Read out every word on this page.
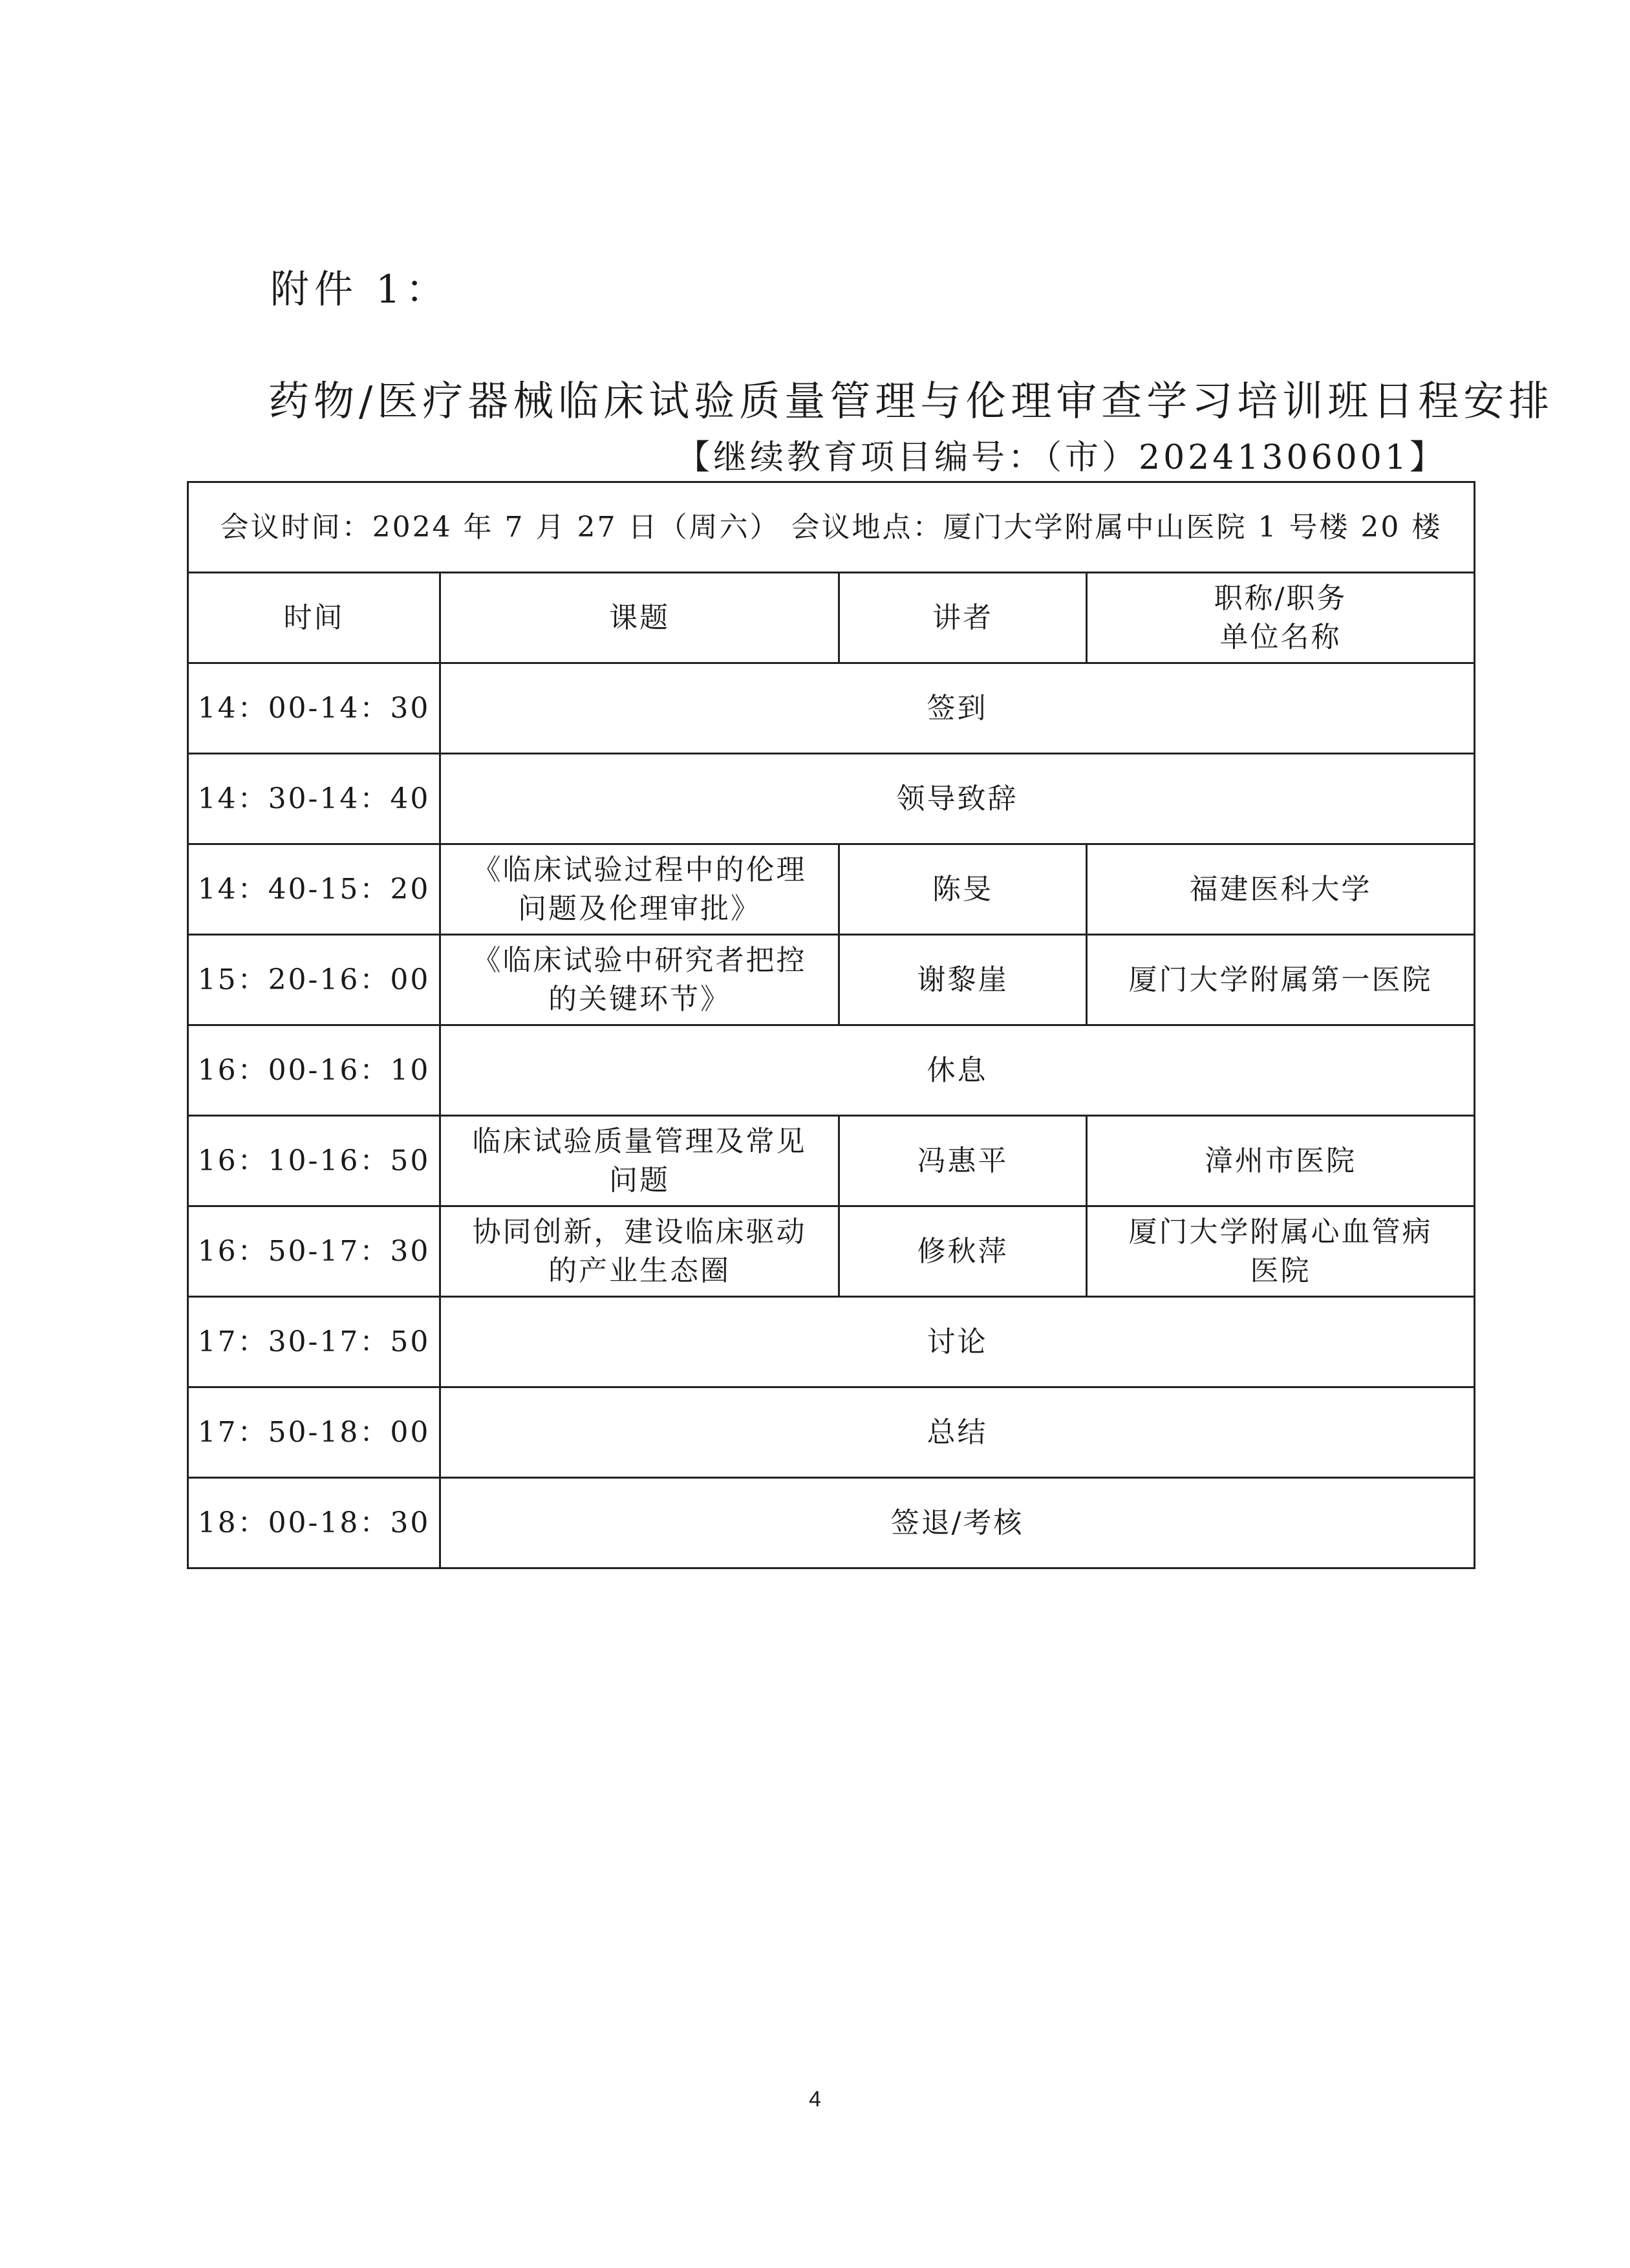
附件 1：
药物/医疗器械临床试验质量管理与伦理审查学习培训班日程安排
【继续教育项目编号：（市）20241306001】
会议时间：2024 年 7 月 27 日（周六） 会议地点：厦门大学附属中山医院 1 号楼 20 楼			
时间	课题	讲者	职称/职务
单位名称
14：00-14：30	签到		
14：30-14：40	领导致辞		
14：40-15：20	《临床试验过程中的伦理
问题及伦理审批》	陈旻	福建医科大学
15：20-16：00	《临床试验中研究者把控
的关键环节》	谢黎崖	厦门大学附属第一医院
16：00-16：10	休息		
16：10-16：50	临床试验质量管理及常见
问题	冯惠平	漳州市医院
16：50-17：30	协同创新，建设临床驱动
的产业生态圈	修秋萍	厦门大学附属心血管病
医院
17：30-17：50	讨论		
17：50-18：00	总结		
18：00-18：30	签退/考核		
4
